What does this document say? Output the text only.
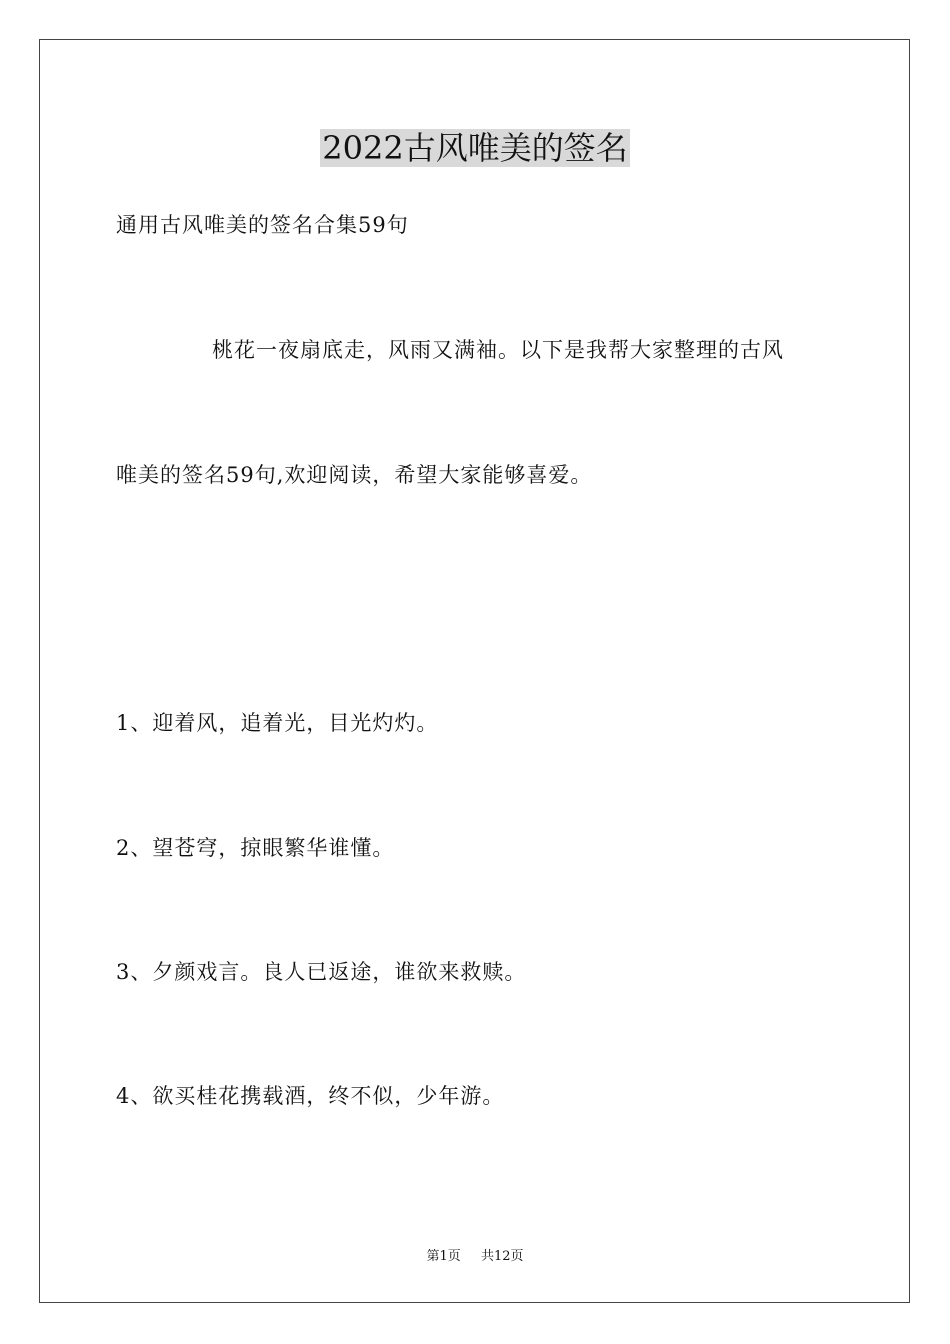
2022古风唯美的签名

通用古风唯美的签名合集59句

桃花一夜扇底走，风雨又满袖。以下是我帮大家整理的古风

唯美的签名59句,欢迎阅读，希望大家能够喜爱。

1、迎着风，追着光，目光灼灼。

2、望苍穹，掠眼繁华谁懂。

3、夕颜戏言。良人已返途，谁欲来救赎。

4、欲买桂花携载酒，终不似，少年游。

第1页 共12页
